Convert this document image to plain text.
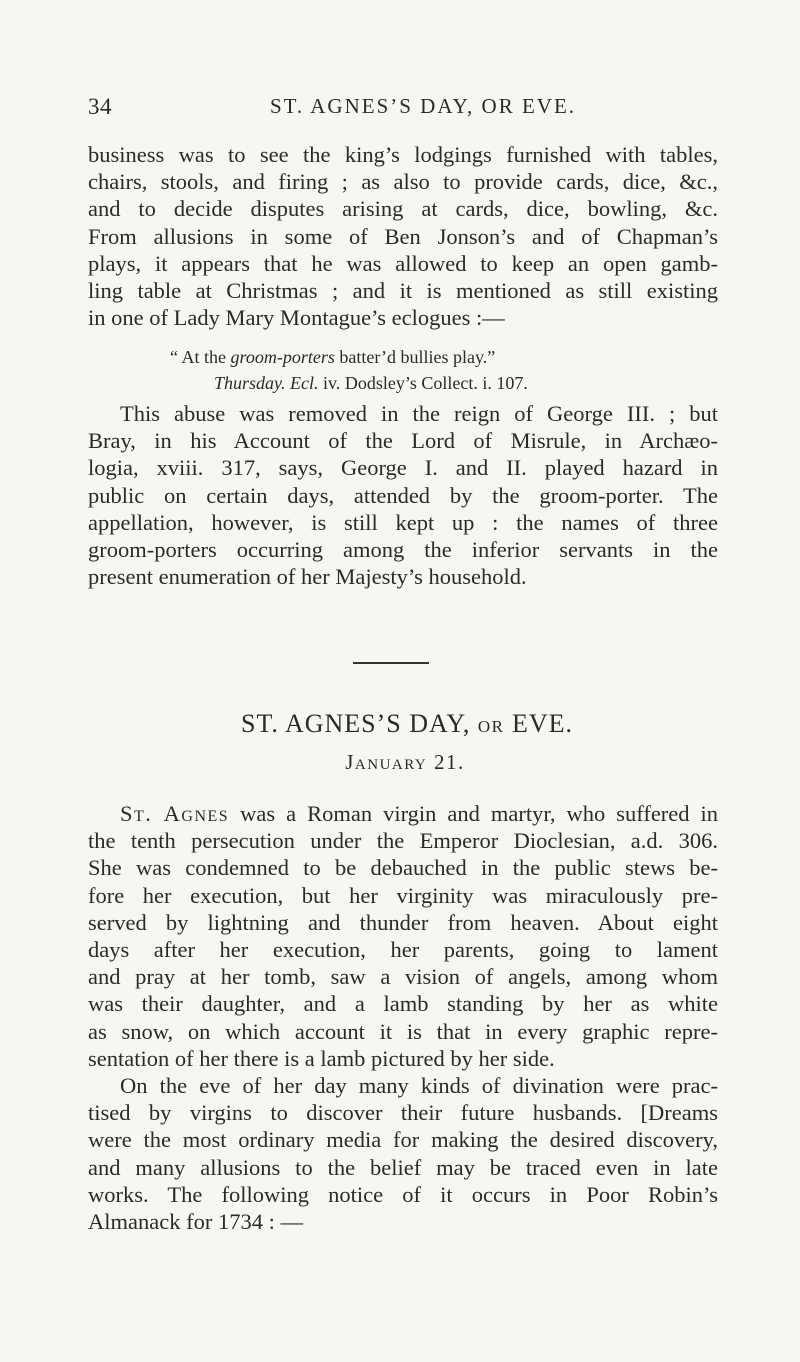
34	ST. AGNES’S DAY, OR EVE.
business was to see the king’s lodgings furnished with tables,
chairs, stools, and firing ; as also to provide cards, dice, &c.,
and to decide disputes arising at cards, dice, bowling, &c.
From allusions in some of Ben Jonson’s and of Chapman’s
plays, it appears that he was allowed to keep an open gamb-
ling table at Christmas ; and it is mentioned as still existing
in one of Lady Mary Montague’s eclogues :—
“ At the groom-porters batter’d bullies play.”
Thursday. Ecl. iv. Dodsley’s Collect. i. 107.
This abuse was removed in the reign of George III. ; but
Bray, in his Account of the Lord of Misrule, in Archæo-
logia, xviii. 317, says, George I. and II. played hazard in
public on certain days, attended by the groom-porter. The
appellation, however, is still kept up : the names of three
groom-porters occurring among the inferior servants in the
present enumeration of her Majesty’s household.
ST. AGNES’S DAY, OR EVE.
January 21.
St. Agnes was a Roman virgin and martyr, who suffered in
the tenth persecution under the Emperor Dioclesian, a.d. 306.
She was condemned to be debauched in the public stews be-
fore her execution, but her virginity was miraculously pre-
served by lightning and thunder from heaven. About eight
days after her execution, her parents, going to lament
and pray at her tomb, saw a vision of angels, among whom
was their daughter, and a lamb standing by her as white
as snow, on which account it is that in every graphic repre-
sentation of her there is a lamb pictured by her side.
On the eve of her day many kinds of divination were prac-
tised by virgins to discover their future husbands. [Dreams
were the most ordinary media for making the desired discovery,
and many allusions to the belief may be traced even in late
works. The following notice of it occurs in Poor Robin’s
Almanack for 1734 : —
